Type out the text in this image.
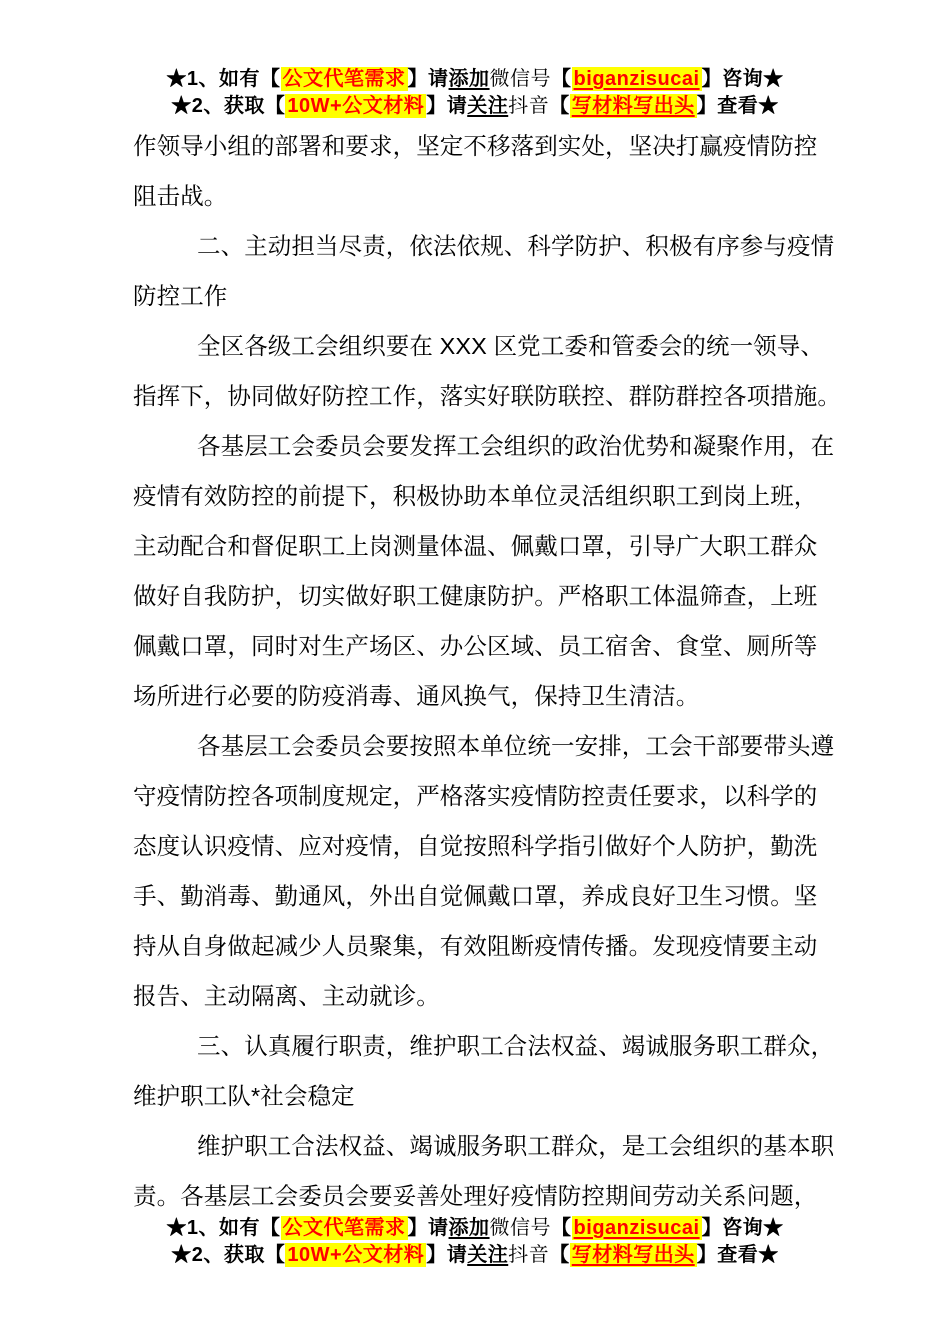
★1、如有【 公文代笔需求 】请添加微信号【 biganzisucai 】咨询★
★2、获取【 10W+公文材料 】请关注抖音【 写材料写出头 】查看★
作领导小组的部署和要求，坚定不移落到实处，坚决打赢疫情防控
阻击战。
二、主动担当尽责，依法依规、科学防护、积极有序参与疫情
防控工作
全区各级工会组织要在 XXX 区党工委和管委会的统一领导、
指挥下，协同做好防控工作，落实好联防联控、群防群控各项措施。
各基层工会委员会要发挥工会组织的政治优势和凝聚作用，在
疫情有效防控的前提下，积极协助本单位灵活组织职工到岗上班，
主动配合和督促职工上岗测量体温、佩戴口罩，引导广大职工群众
做好自我防护，切实做好职工健康防护。严格职工体温筛查，上班
佩戴口罩，同时对生产场区、办公区域、员工宿舍、食堂、厕所等
场所进行必要的防疫消毒、通风换气，保持卫生清洁。
各基层工会委员会要按照本单位统一安排，工会干部要带头遵
守疫情防控各项制度规定，严格落实疫情防控责任要求，以科学的
态度认识疫情、应对疫情，自觉按照科学指引做好个人防护，勤洗
手、勤消毒、勤通风，外出自觉佩戴口罩，养成良好卫生习惯。坚
持从自身做起减少人员聚集，有效阻断疫情传播。发现疫情要主动
报告、主动隔离、主动就诊。
三、认真履行职责，维护职工合法权益、竭诚服务职工群众，
维护职工队*社会稳定
维护职工合法权益、竭诚服务职工群众，是工会组织的基本职
责。各基层工会委员会要妥善处理好疫情防控期间劳动关系问题，
★1、如有【 公文代笔需求 】请添加微信号【 biganzisucai 】咨询★
★2、获取【 10W+公文材料 】请关注抖音【 写材料写出头 】查看★
